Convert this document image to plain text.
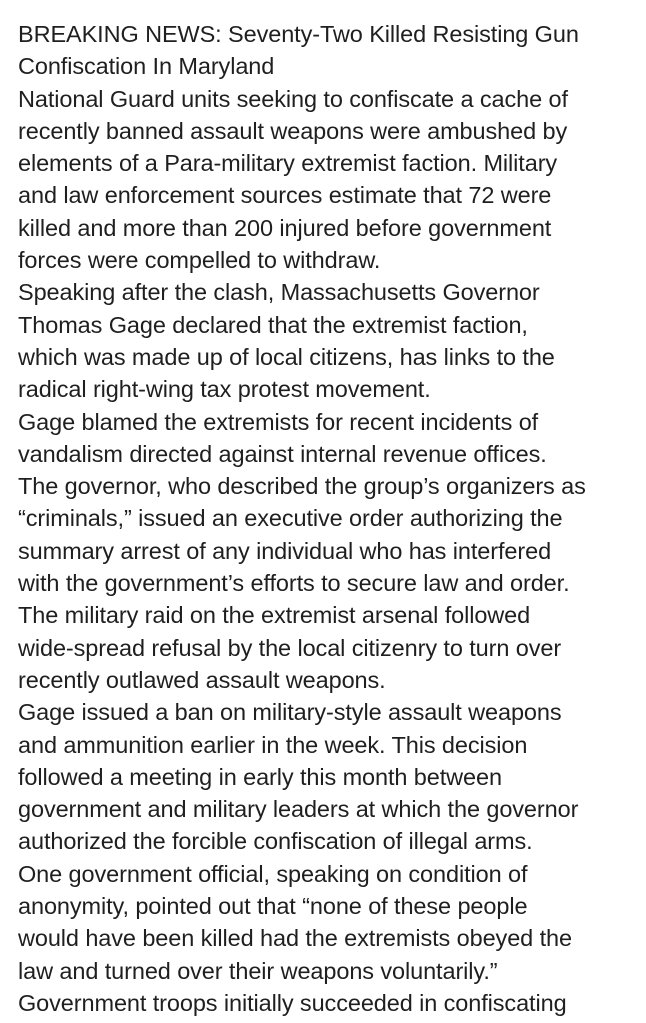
BREAKING NEWS: Seventy-Two Killed Resisting Gun
Confiscation In Maryland
National Guard units seeking to confiscate a cache of
recently banned assault weapons were ambushed by
elements of a Para-military extremist faction. Military
and law enforcement sources estimate that 72 were
killed and more than 200 injured before government
forces were compelled to withdraw.
Speaking after the clash, Massachusetts Governor
Thomas Gage declared that the extremist faction,
which was made up of local citizens, has links to the
radical right-wing tax protest movement.
Gage blamed the extremists for recent incidents of
vandalism directed against internal revenue offices.
The governor, who described the group’s organizers as
“criminals,” issued an executive order authorizing the
summary arrest of any individual who has interfered
with the government’s efforts to secure law and order.
The military raid on the extremist arsenal followed
wide-spread refusal by the local citizenry to turn over
recently outlawed assault weapons.
Gage issued a ban on military-style assault weapons
and ammunition earlier in the week. This decision
followed a meeting in early this month between
government and military leaders at which the governor
authorized the forcible confiscation of illegal arms.
One government official, speaking on condition of
anonymity, pointed out that “none of these people
would have been killed had the extremists obeyed the
law and turned over their weapons voluntarily.”
Government troops initially succeeded in confiscating
